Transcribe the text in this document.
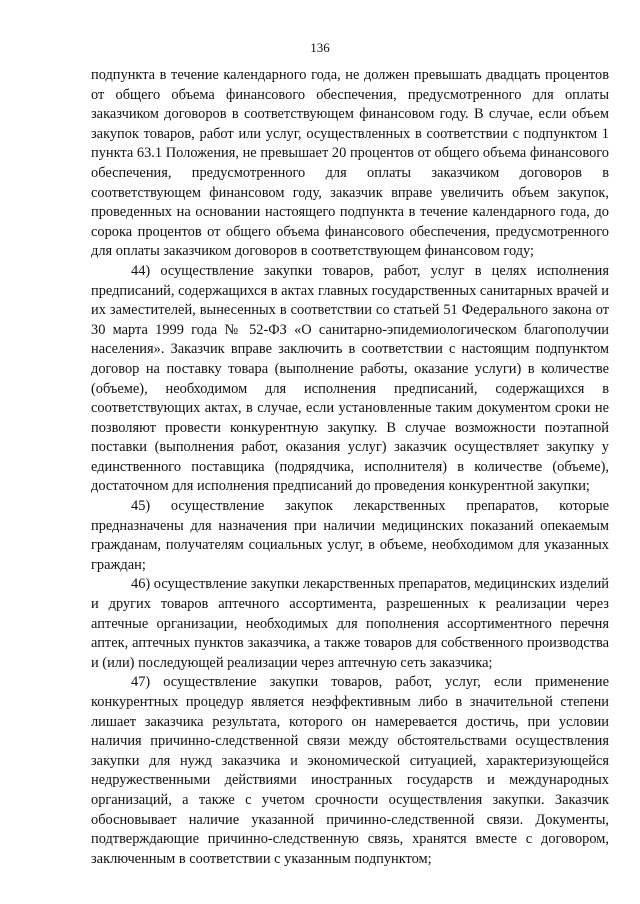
136

подпункта в течение календарного года, не должен превышать двадцать процентов от общего объема финансового обеспечения, предусмотренного для оплаты заказчиком договоров в соответствующем финансовом году. В случае, если объем закупок товаров, работ или услуг, осуществленных в соответствии с подпунктом 1 пункта 63.1 Положения, не превышает 20 процентов от общего объема финансового обеспечения, предусмотренного для оплаты заказчиком договоров в соответствующем финансовом году, заказчик вправе увеличить объем закупок, проведенных на основании настоящего подпункта в течение календарного года, до сорока процентов от общего объема финансового обеспечения, предусмотренного для оплаты заказчиком договоров в соответствующем финансовом году;

44) осуществление закупки товаров, работ, услуг в целях исполнения предписаний, содержащихся в актах главных государственных санитарных врачей и их заместителей, вынесенных в соответствии со статьей 51 Федерального закона от 30 марта 1999 года № 52-ФЗ «О санитарно-эпидемиологическом благополучии населения». Заказчик вправе заключить в соответствии с настоящим подпунктом договор на поставку товара (выполнение работы, оказание услуги) в количестве (объеме), необходимом для исполнения предписаний, содержащихся в соответствующих актах, в случае, если установленные таким документом сроки не позволяют провести конкурентную закупку. В случае возможности поэтапной поставки (выполнения работ, оказания услуг) заказчик осуществляет закупку у единственного поставщика (подрядчика, исполнителя) в количестве (объеме), достаточном для исполнения предписаний до проведения конкурентной закупки;

45) осуществление закупок лекарственных препаратов, которые предназначены для назначения при наличии медицинских показаний опекаемым гражданам, получателям социальных услуг, в объеме, необходимом для указанных граждан;

46) осуществление закупки лекарственных препаратов, медицинских изделий и других товаров аптечного ассортимента, разрешенных к реализации через аптечные организации, необходимых для пополнения ассортиментного перечня аптек, аптечных пунктов заказчика, а также товаров для собственного производства и (или) последующей реализации через аптечную сеть заказчика;

47) осуществление закупки товаров, работ, услуг, если применение конкурентных процедур является неэффективным либо в значительной степени лишает заказчика результата, которого он намеревается достичь, при условии наличия причинно-следственной связи между обстоятельствами осуществления закупки для нужд заказчика и экономической ситуацией, характеризующейся недружественными действиями иностранных государств и международных организаций, а также с учетом срочности осуществления закупки. Заказчик обосновывает наличие указанной причинно-следственной связи. Документы, подтверждающие причинно-следственную связь, хранятся вместе с договором, заключенным в соответствии с указанным подпунктом;
